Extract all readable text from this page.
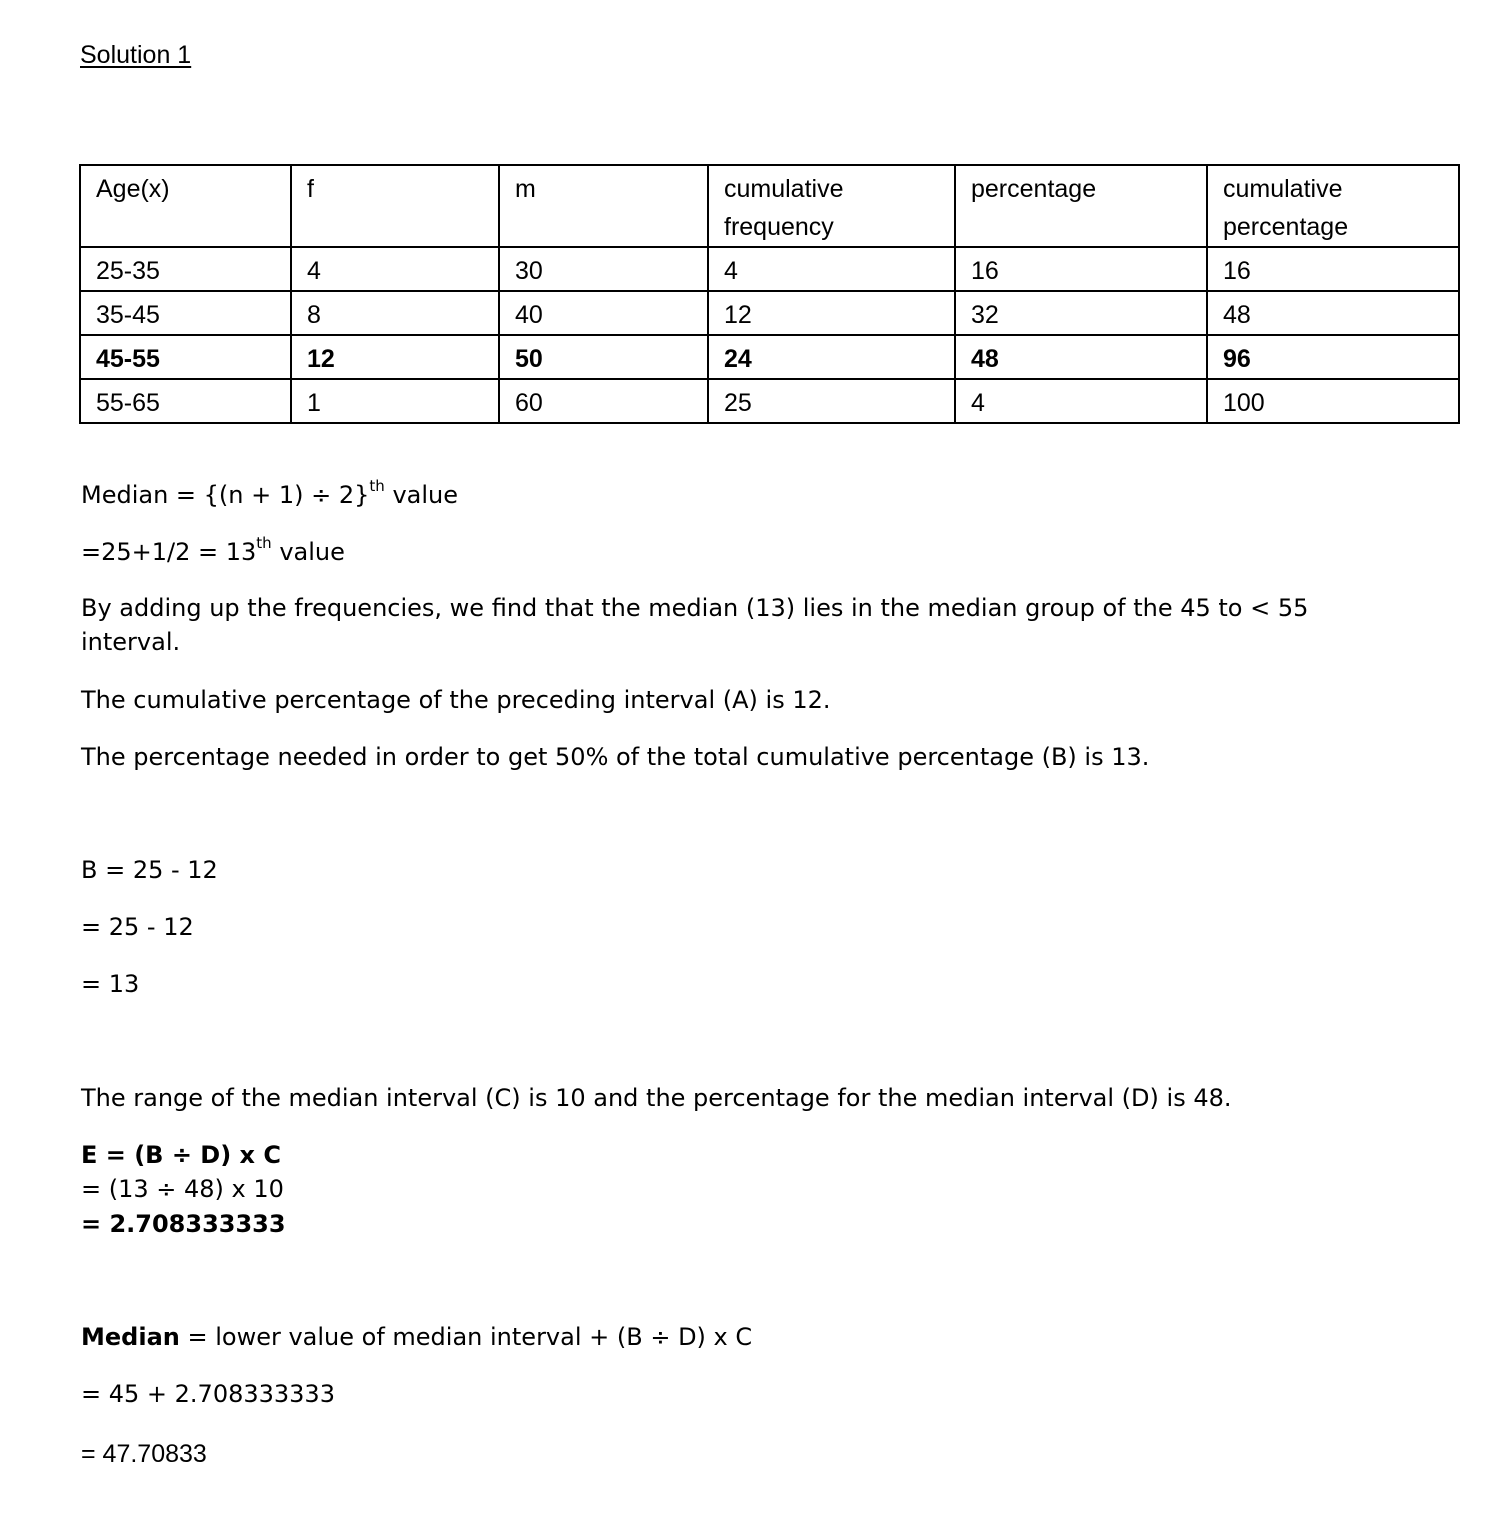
Solution 1
Age(x)	f	m	cumulative frequency	percentage	cumulative percentage
25-35	4	30	4	16	16
35-45	8	40	12	32	48
45-55	12	50	24	48	96
55-65	1	60	25	4	100
Median = $\{(n + 1) \div 2\}^{th}$ value
=25+1/2 = 13th value
By adding up the frequencies, we find that the median (13) lies in the median group of the 45 to < 55 interval.
The cumulative percentage of the preceding interval (A) is 12.
The percentage needed in order to get 50% of the total cumulative percentage (B) is 13.
B = 25 - 12
= 25 - 12
= 13
The range of the median interval (C) is 10 and the percentage for the median interval (D) is 48.
E = (B ÷ D) x C
= (13 ÷ 48) x 10
= 2.708333333
Median = lower value of median interval + (B ÷ D) x C
= 45 + 2.708333333
= 47.70833
